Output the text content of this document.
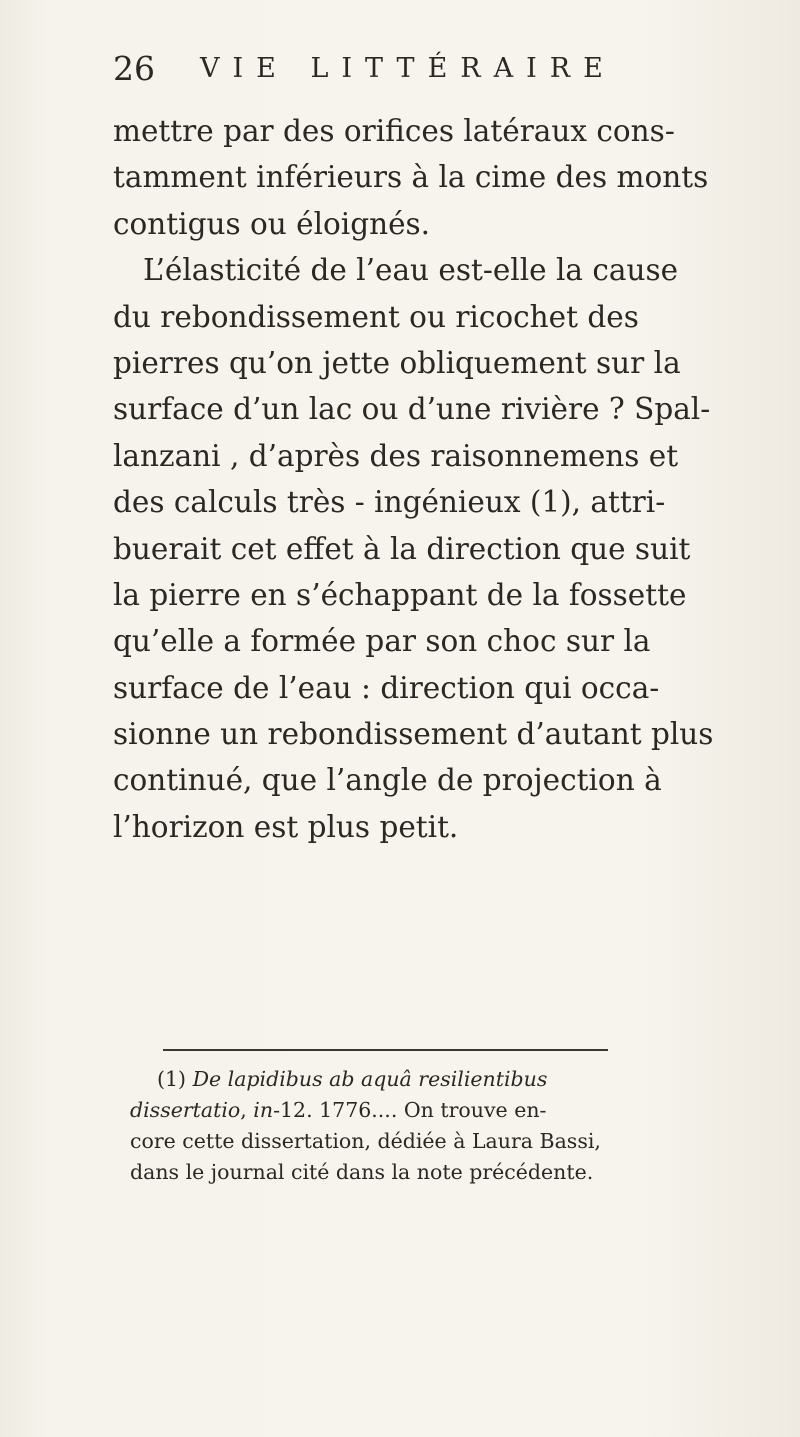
26 VIE LITTÉRAIRE
mettre par des orifices latéraux cons-
tamment inférieurs à la cime des monts
contigus ou éloignés.
L’élasticité de l’eau est-elle la cause
du rebondissement ou ricochet des
pierres qu’on jette obliquement sur la
surface d’un lac ou d’une rivière ? Spal-
lanzani , d’après des raisonnemens et
des calculs très - ingénieux (1), attri-
buerait cet effet à la direction que suit
la pierre en s’échappant de la fossette
qu’elle a formée par son choc sur la
surface de l’eau : direction qui occa-
sionne un rebondissement d’autant plus
continué, que l’angle de projection à
l’horizon est plus petit.
(1) De lapidibus ab aquâ resilientibus
dissertatio, in-12. 1776.... On trouve en-
core cette dissertation, dédiée à Laura Bassi,
dans le journal cité dans la note précédente.
